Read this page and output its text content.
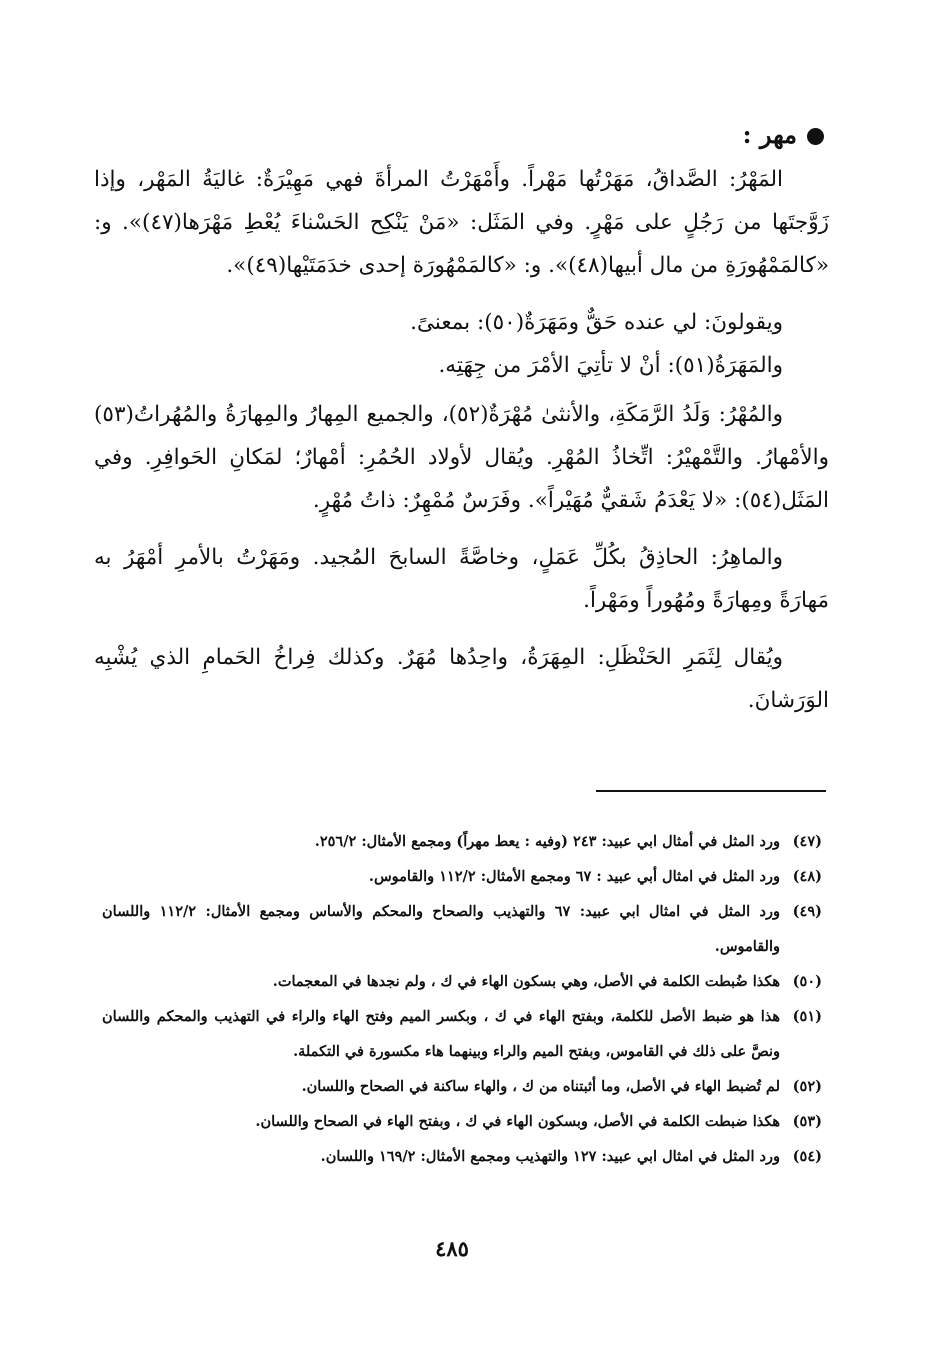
مهر :

المَهْرُ: الصَّداقُ، مَهَرْتُها مَهْراً. وأَمْهَرْتُ المرأةَ فهي مَهِيْرَةٌ: غاليَةُ المَهْر، وإذا زَوَّجتَها من رَجُلٍ على مَهْرٍ. وفي المَثَل: «مَنْ يَنْكِح الحَسْناءَ يُعْطِ مَهْرَها(٤٧)». و: «كالمَمْهُورَةِ من مال أبيها(٤٨)». و: «كالمَمْهُورَة إحدى خدَمَتَيْها(٤٩)».

ويقولونَ: لي عنده حَقٌّ ومَهَرَةٌ(٥٠): بمعنىً.

والمَهَرَةُ(٥١): أنْ لا تأتِيَ الأمْرَ من جِهَتِه.

والمُهْرُ: وَلَدُ الرَّمَكَةِ، والأنثىٰ مُهْرَةٌ(٥٢)، والجميع المِهارُ والمِهارَةُ والمُهُراتُ(٥٣) والأمْهارُ. والتَّمْهيْرُ: اتِّخاذُ المُهْرِ. ويُقال لأولاد الحُمُرِ: أمْهارٌ؛ لمَكانِ الحَوافِرِ. وفي المَثَل(٥٤): «لا يَعْدَمُ شَقيٌّ مُهَيْراً». وفَرَسٌ مُمْهِرٌ: ذاتُ مُهْرٍ.

والماهِرُ: الحاذِقُ بكُلِّ عَمَلٍ، وخاصَّةً السابحَ المُجيد. ومَهَرْتُ بالأمرِ أمْهَرُ به مَهارَةً ومِهارَةً ومُهُوراً ومَهْراً.

ويُقال لِثَمَرِ الحَنْظَلِ: المِهَرَةُ، واحِدُها مُهَرٌ. وكذلك فِراخُ الحَمامِ الذي يُشْبِه الوَرَشانَ.

(٤٧)
ورد المثل في أمثال ابي عبيد: ٢٤٣ (وفيه : يعط مهراً) ومجمع الأمثال: ٢٥٦/٢.
(٤٨)
ورد المثل في امثال أبي عبيد : ٦٧ ومجمع الأمثال: ١١٢/٢ والقاموس.
(٤٩)
ورد المثل في امثال ابي عبيد: ٦٧ والتهذيب والصحاح والمحكم والأساس ومجمع الأمثال: ١١٢/٢ واللسان والقاموس.
(٥٠)
هكذا ضُبطت الكلمة في الأصل، وهي بسكون الهاء في ك ، ولم نجدها في المعجمات.
(٥١)
هذا هو ضبط الأصل للكلمة، وبفتح الهاء في ك ، وبكسر الميم وفتح الهاء والراء في التهذيب والمحكم واللسان ونصَّ على ذلك في القاموس، وبفتح الميم والراء وبينهما هاء مكسورة في التكملة.
(٥٢)
لم تُضبط الهاء في الأصل، وما أثبتناه من ك ، والهاء ساكنة في الصحاح واللسان.
(٥٣)
هكذا ضبطت الكلمة في الأصل، وبسكون الهاء في ك ، وبفتح الهاء في الصحاح واللسان.
(٥٤)
ورد المثل في امثال ابي عبيد: ١٢٧ والتهذيب ومجمع الأمثال: ١٦٩/٢ واللسان.
٤٨٥
